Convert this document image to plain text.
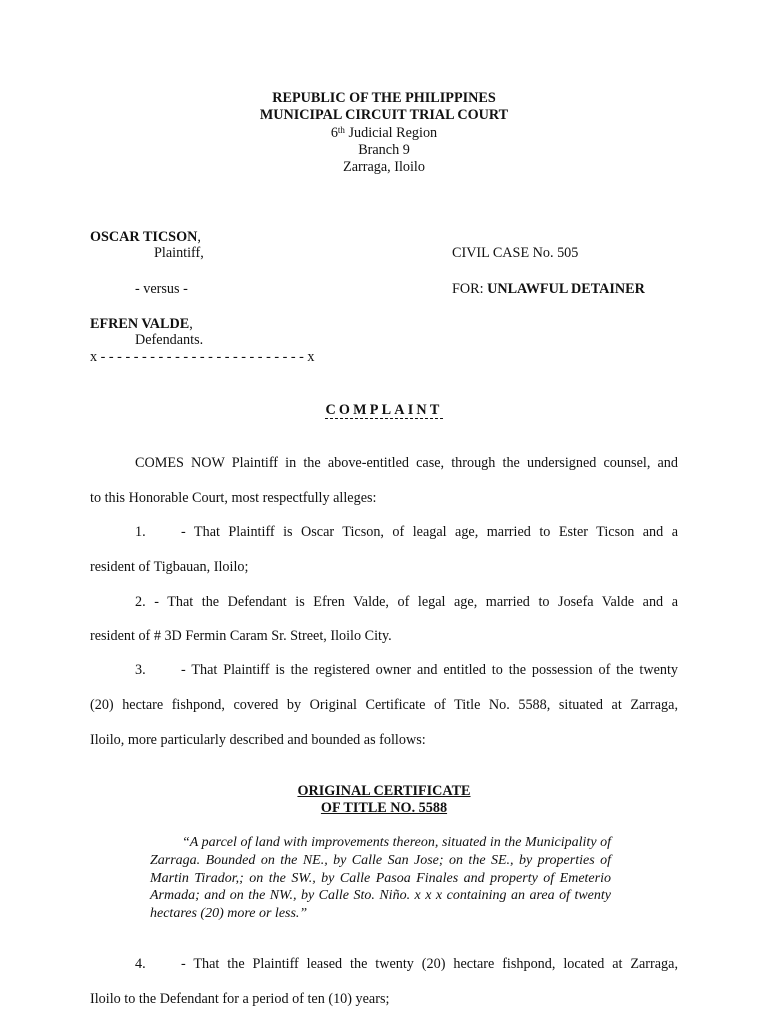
REPUBLIC OF THE PHILIPPINES
MUNICIPAL CIRCUIT TRIAL COURT
6th Judicial Region
Branch 9
Zarraga, Iloilo
OSCAR TICSON,
Plaintiff,
- versus -
EFREN VALDE,
Defendants.
x - - - - - - - - - - - - - - - - - - - - - - - - - x
CIVIL CASE No. 505
FOR: UNLAWFUL DETAINER
COMPLAINT
COMES NOW Plaintiff in the above-entitled case, through the undersigned counsel, and
to this Honorable Court, most respectfully alleges:
1. - That Plaintiff is Oscar Ticson, of leagal age, married to Ester Ticson and a
resident of Tigbauan, Iloilo;
2. - That the Defendant is Efren Valde, of legal age, married to Josefa Valde and a
resident of # 3D Fermin Caram Sr. Street, Iloilo City.
3. - That Plaintiff is the registered owner and entitled to the possession of the twenty
(20) hectare fishpond, covered by Original Certificate of Title No. 5588, situated at Zarraga,
Iloilo, more particularly described and bounded as follows:
ORIGINAL CERTIFICATE
OF TITLE NO. 5588
“A parcel of land with improvements thereon, situated in the Municipality of Zarraga. Bounded on the NE., by Calle San Jose; on the SE., by properties of Martin Tirador,; on the SW., by Calle Pasoa Finales and property of Emeterio Armada; and on the NW., by Calle Sto. Niño. x x x containing an area of twenty hectares (20) more or less.”
4. - That the Plaintiff leased the twenty (20) hectare fishpond, located at Zarraga,
Iloilo to the Defendant for a period of ten (10) years;
